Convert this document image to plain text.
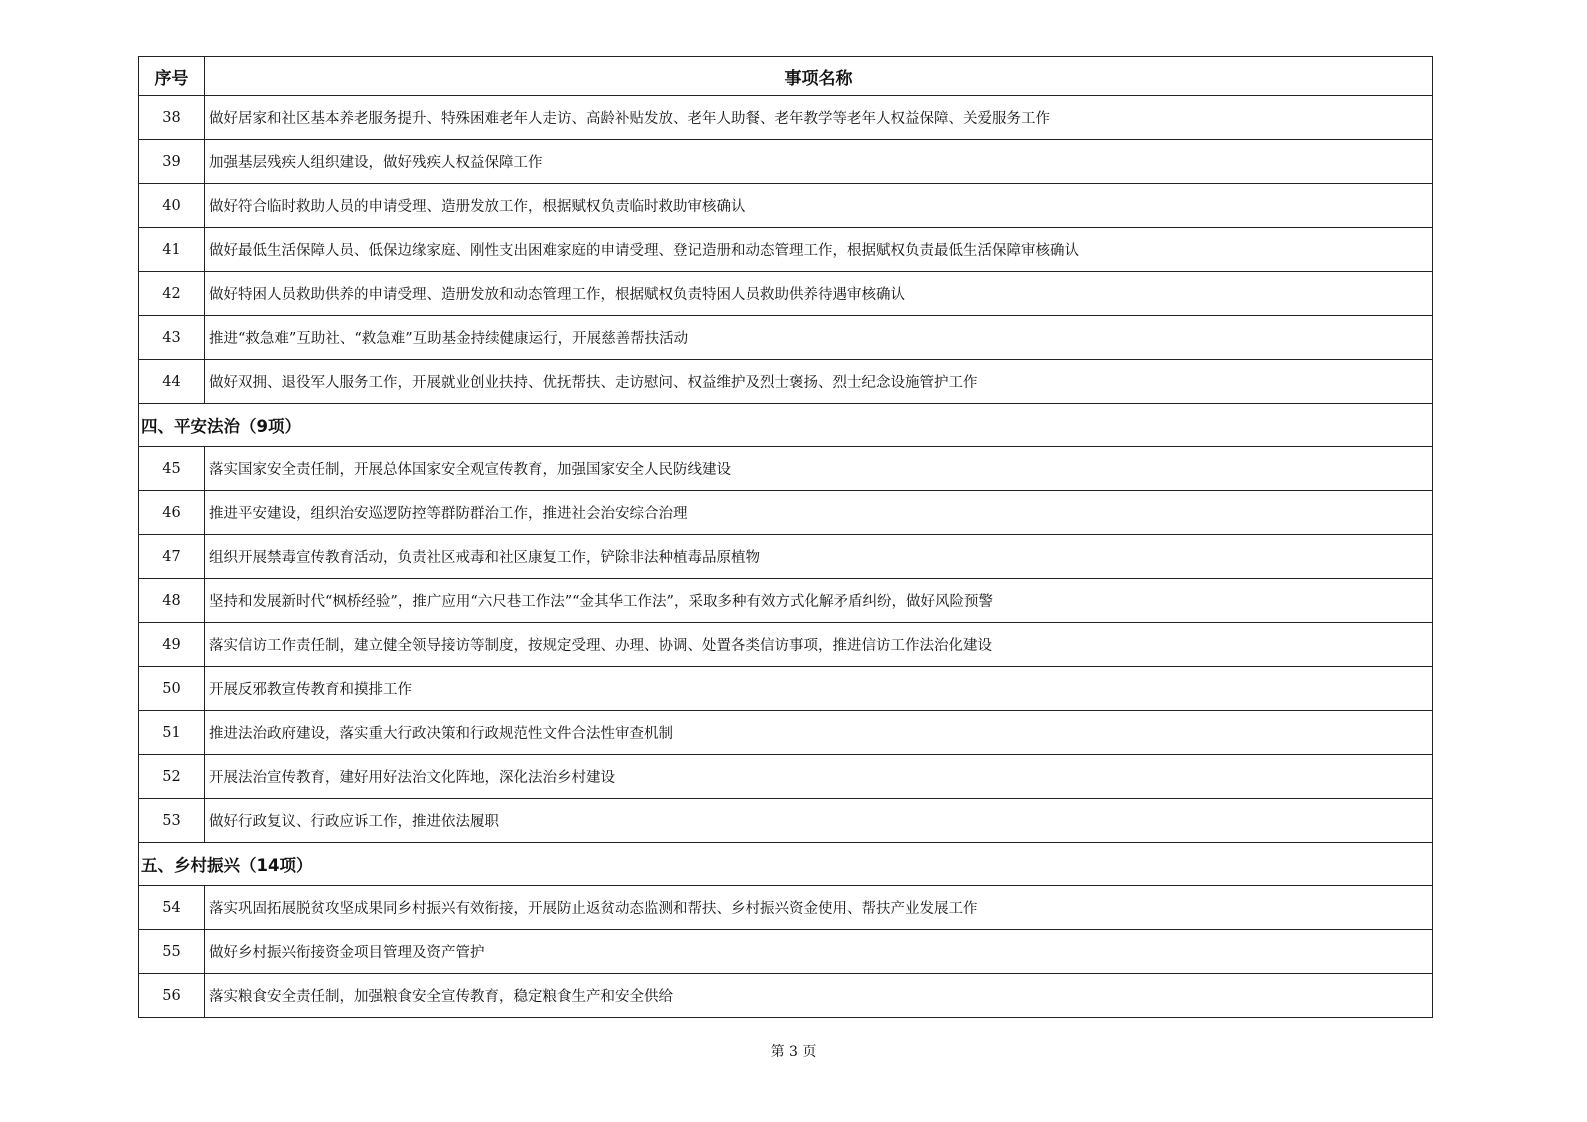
序号	事项名称
38	做好居家和社区基本养老服务提升、特殊困难老年人走访、高龄补贴发放、老年人助餐、老年教学等老年人权益保障、关爱服务工作
39	加强基层残疾人组织建设，做好残疾人权益保障工作
40	做好符合临时救助人员的申请受理、造册发放工作，根据赋权负责临时救助审核确认
41	做好最低生活保障人员、低保边缘家庭、刚性支出困难家庭的申请受理、登记造册和动态管理工作，根据赋权负责最低生活保障审核确认
42	做好特困人员救助供养的申请受理、造册发放和动态管理工作，根据赋权负责特困人员救助供养待遇审核确认
43	推进“救急难”互助社、“救急难”互助基金持续健康运行，开展慈善帮扶活动
44	做好双拥、退役军人服务工作，开展就业创业扶持、优抚帮扶、走访慰问、权益维护及烈士褒扬、烈士纪念设施管护工作
四、平安法治（9项）	
45	落实国家安全责任制，开展总体国家安全观宣传教育，加强国家安全人民防线建设
46	推进平安建设，组织治安巡逻防控等群防群治工作，推进社会治安综合治理
47	组织开展禁毒宣传教育活动，负责社区戒毒和社区康复工作，铲除非法种植毒品原植物
48	坚持和发展新时代“枫桥经验”，推广应用“六尺巷工作法”“金其华工作法”，采取多种有效方式化解矛盾纠纷，做好风险预警
49	落实信访工作责任制，建立健全领导接访等制度，按规定受理、办理、协调、处置各类信访事项，推进信访工作法治化建设
50	开展反邪教宣传教育和摸排工作
51	推进法治政府建设，落实重大行政决策和行政规范性文件合法性审查机制
52	开展法治宣传教育，建好用好法治文化阵地，深化法治乡村建设
53	做好行政复议、行政应诉工作，推进依法履职
五、乡村振兴（14项）	
54	落实巩固拓展脱贫攻坚成果同乡村振兴有效衔接，开展防止返贫动态监测和帮扶、乡村振兴资金使用、帮扶产业发展工作
55	做好乡村振兴衔接资金项目管理及资产管护
56	落实粮食安全责任制，加强粮食安全宣传教育，稳定粮食生产和安全供给
第 3 页
